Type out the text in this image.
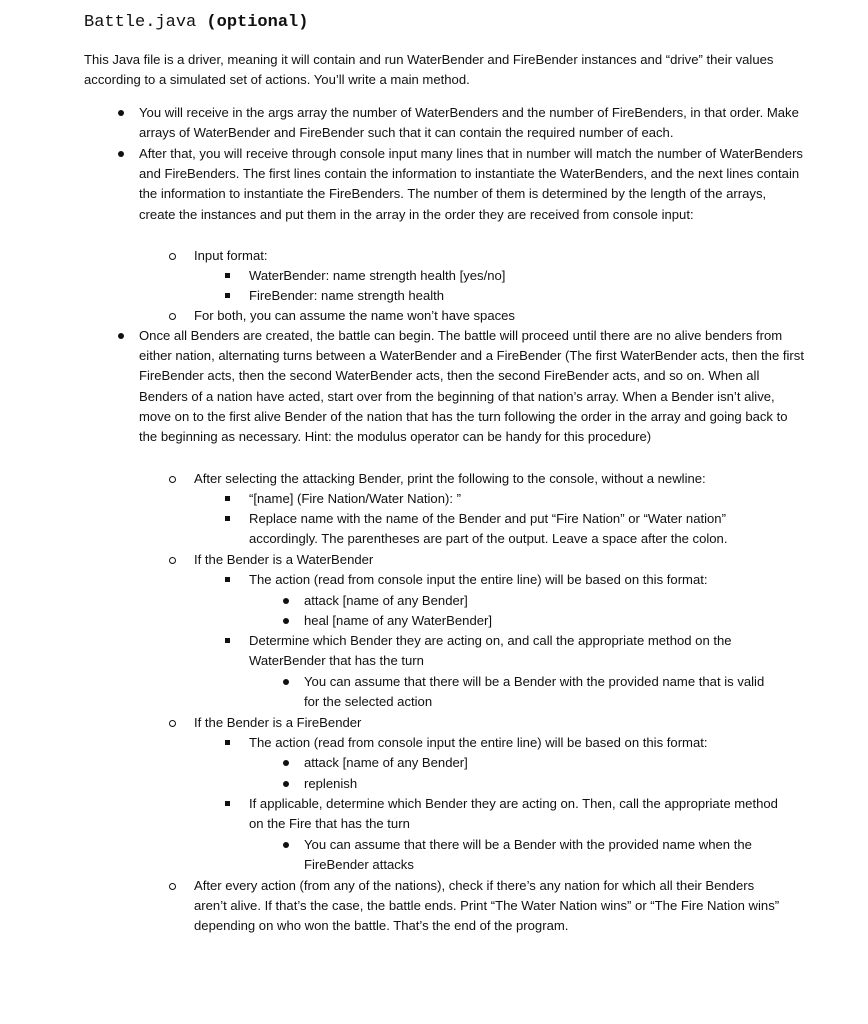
Battle.java (optional)
This Java file is a driver, meaning it will contain and run WaterBender and FireBender instances and “drive” their values according to a simulated set of actions. You’ll write a main method.
You will receive in the args array the number of WaterBenders and the number of FireBenders, in that order. Make arrays of WaterBender and FireBender such that it can contain the required number of each.
After that, you will receive through console input many lines that in number will match the number of WaterBenders and FireBenders. The first lines contain the information to instantiate the WaterBenders, and the next lines contain the information to instantiate the FireBenders. The number of them is determined by the length of the arrays, create the instances and put them in the array in the order they are received from console input:
Input format:
WaterBender: name strength health [yes/no]
FireBender: name strength health
For both, you can assume the name won’t have spaces
Once all Benders are created, the battle can begin. The battle will proceed until there are no alive benders from either nation, alternating turns between a WaterBender and a FireBender (The first WaterBender acts, then the first FireBender acts, then the second WaterBender acts, then the second FireBender acts, and so on. When all Benders of a nation have acted, start over from the beginning of that nation’s array. When a Bender isn’t alive, move on to the first alive Bender of the nation that has the turn following the order in the array and going back to the beginning as necessary. Hint: the modulus operator can be handy for this procedure)
After selecting the attacking Bender, print the following to the console, without a newline:
“[name] (Fire Nation/Water Nation): ”
Replace name with the name of the Bender and put “Fire Nation” or “Water nation” accordingly. The parentheses are part of the output. Leave a space after the colon.
If the Bender is a WaterBender
The action (read from console input the entire line) will be based on this format:
attack [name of any Bender]
heal [name of any WaterBender]
Determine which Bender they are acting on, and call the appropriate method on the WaterBender that has the turn
You can assume that there will be a Bender with the provided name that is valid for the selected action
If the Bender is a FireBender
The action (read from console input the entire line) will be based on this format:
attack [name of any Bender]
replenish
If applicable, determine which Bender they are acting on. Then, call the appropriate method on the Fire that has the turn
You can assume that there will be a Bender with the provided name when the FireBender attacks
After every action (from any of the nations), check if there’s any nation for which all their Benders aren’t alive. If that’s the case, the battle ends. Print “The Water Nation wins” or “The Fire Nation wins” depending on who won the battle. That’s the end of the program.
